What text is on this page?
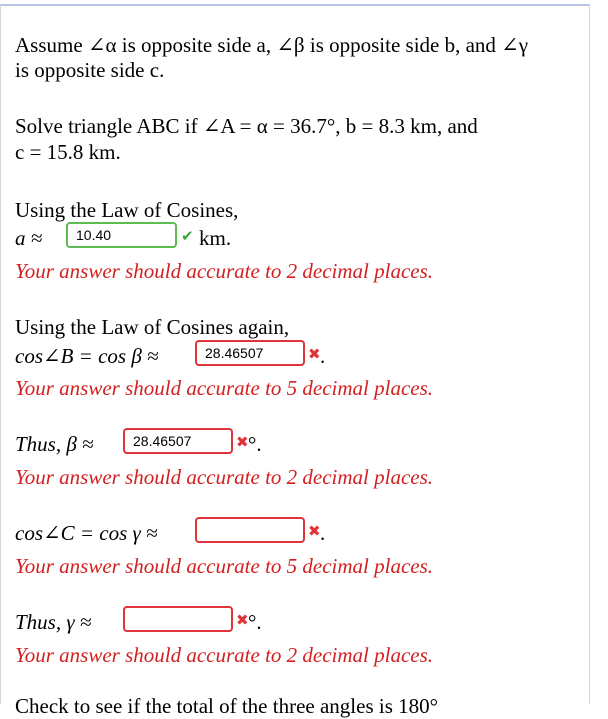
Assume ∠α is opposite side a, ∠β is opposite side b, and ∠γ
is opposite side c.
Solve triangle ABC if ∠A = α = 36.7°, b = 8.3 km, and
c = 15.8 km.
Using the Law of Cosines,
a ≈
10.40	✔ km.
Your answer should accurate to 2 decimal places.
Using the Law of Cosines again,
cos∠B = cos β ≈
28.46507	✖ .
Your answer should accurate to 5 decimal places.
Thus, β ≈
28.46507	✖ °.
Your answer should accurate to 2 decimal places.
cos∠C = cos γ ≈	✖ .
Your answer should accurate to 5 decimal places.
Thus, γ ≈	✖ °.
Your answer should accurate to 2 decimal places.
Check to see if the total of the three angles is 180°
